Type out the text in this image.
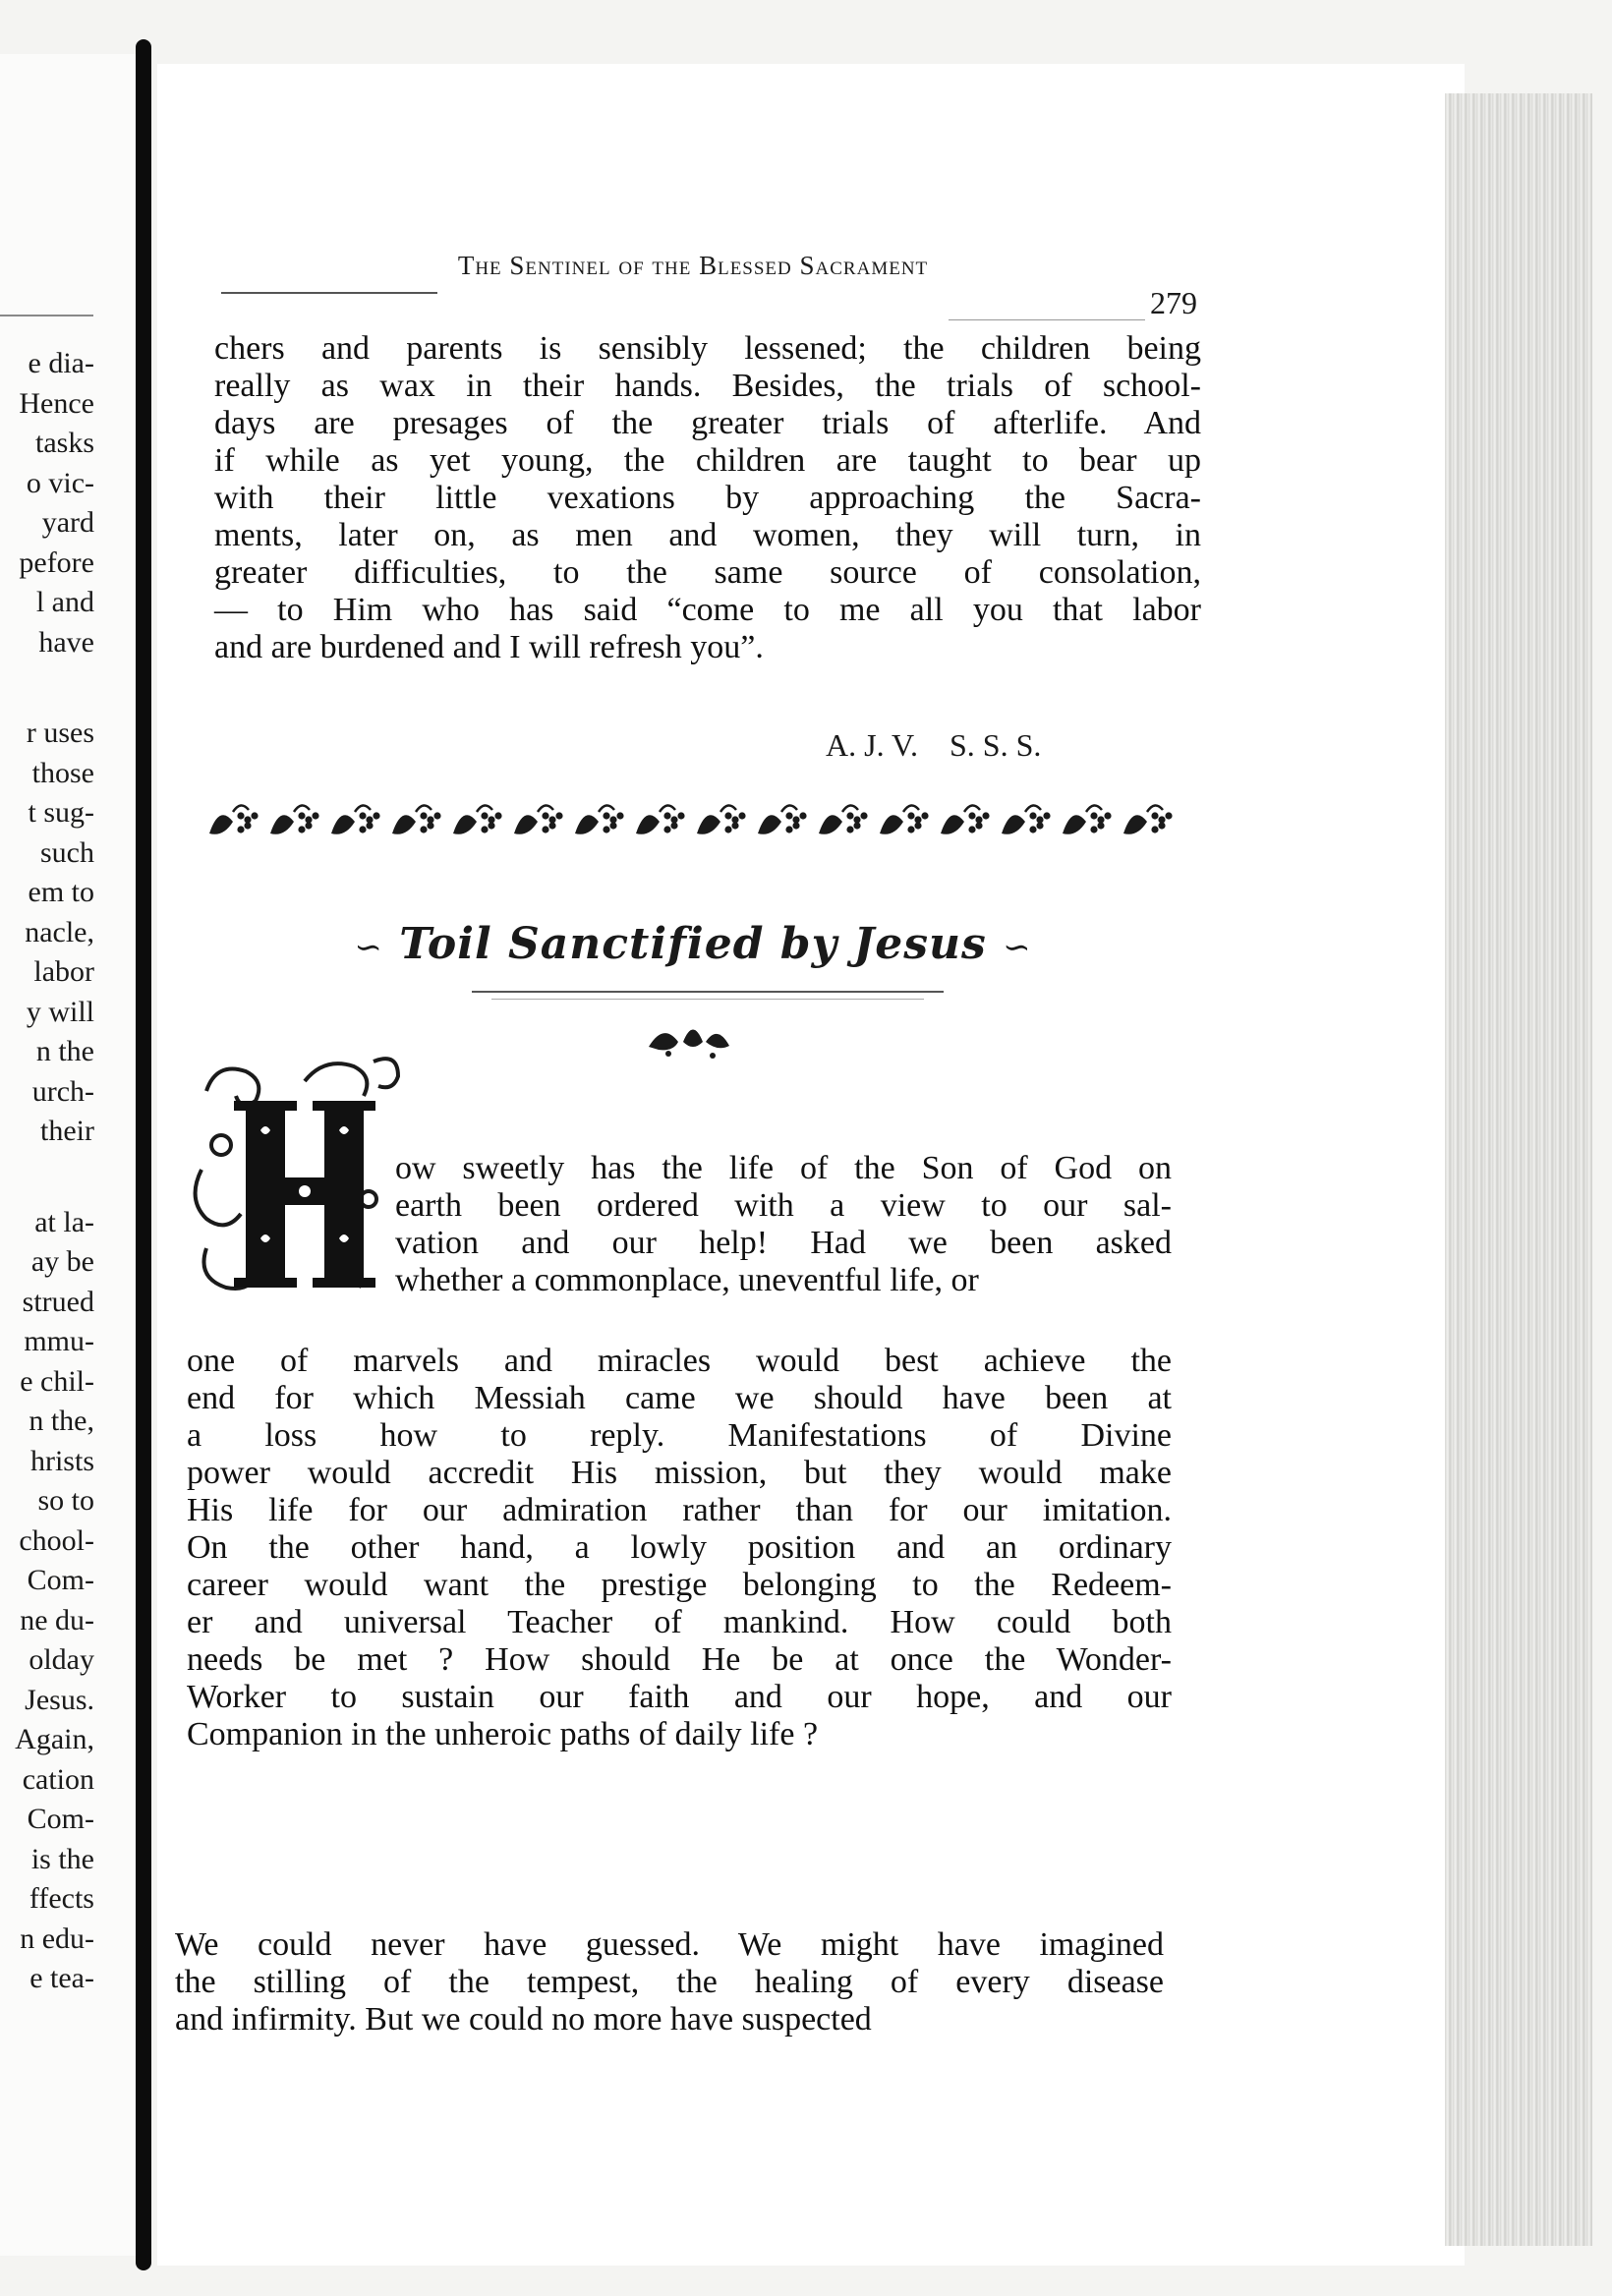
e dia-
Hence
tasks
o vic-
yard
pefore
l and
have
r uses
those
t sug-
such
em to
nacle,
labor
y will
n the
urch-
their
at la-
ay be
strued
mmu-
e chil-
n the,
hrists
so to
chool-
Com-
ne du-
olday
Jesus.
Again,
cation
Com-
is the
ffects
n edu-
e tea-
The Sentinel of the Blessed Sacrament
279
chers and parents is sensibly lessened; the children being
really as wax in their hands. Besides, the trials of school-
days are presages of the greater trials of afterlife. And
if while as yet young, the children are taught to bear up
with their little vexations by approaching the Sacra-
ments, later on, as men and women, they will turn, in
greater difficulties, to the same source of consolation,
— to Him who has said “come to me all you that labor
and are burdened and I will refresh you”.
A. J. V.    S. S. S.
∽ Toil Sanctified by Jesus ∽
H
ow sweetly has the life of the Son of God on
earth been ordered with a view to our sal-
vation and our help! Had we been asked
whether a commonplace, uneventful life, or
one of marvels and miracles would best achieve the
end for which Messiah came we should have been at
a loss how to reply. Manifestations of Divine
power would accredit His mission, but they would make
His life for our admiration rather than for our imitation.
On the other hand, a lowly position and an ordinary
career would want the prestige belonging to the Redeem-
er and universal Teacher of mankind. How could both
needs be met ? How should He be at once the Wonder-
Worker to sustain our faith and our hope, and our
Companion in the unheroic paths of daily life ?
We could never have guessed. We might have imagined
the stilling of the tempest, the healing of every disease
and infirmity. But we could no more have suspected
